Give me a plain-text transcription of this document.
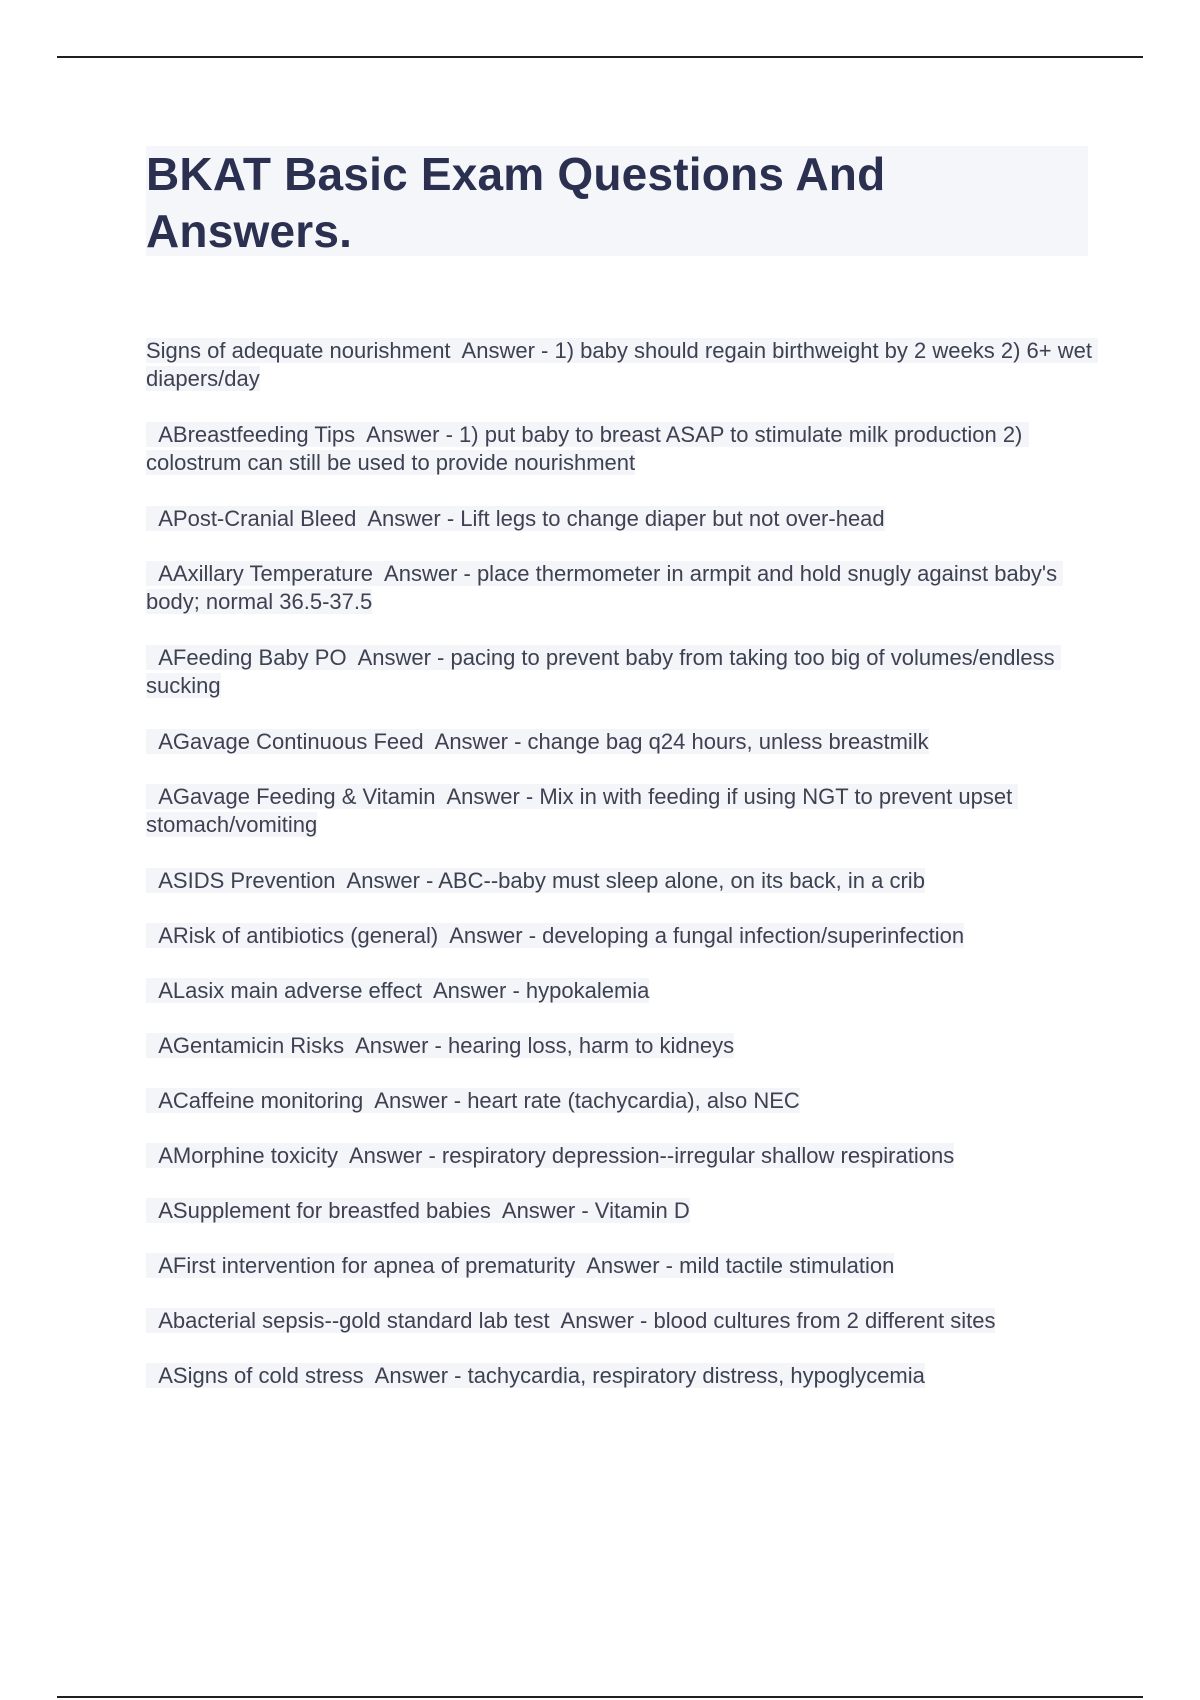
BKAT Basic Exam Questions And
Answers.

Signs of adequate nourishment  Answer - 1) baby should regain birthweight by 2 weeks 2) 6+ wet diapers/day

ABreastfeeding Tips  Answer - 1) put baby to breast ASAP to stimulate milk production 2) colostrum can still be used to provide nourishment

APost-Cranial Bleed  Answer - Lift legs to change diaper but not over-head

AAxillary Temperature  Answer - place thermometer in armpit and hold snugly against baby's body; normal 36.5-37.5

AFeeding Baby PO  Answer - pacing to prevent baby from taking too big of volumes/endless sucking

AGavage Continuous Feed  Answer - change bag q24 hours, unless breastmilk

AGavage Feeding & Vitamin  Answer - Mix in with feeding if using NGT to prevent upset stomach/vomiting

ASIDS Prevention  Answer - ABC--baby must sleep alone, on its back, in a crib

ARisk of antibiotics (general)  Answer - developing a fungal infection/superinfection

ALasix main adverse effect  Answer - hypokalemia

AGentamicin Risks  Answer - hearing loss, harm to kidneys

ACaffeine monitoring  Answer - heart rate (tachycardia), also NEC

AMorphine toxicity  Answer - respiratory depression--irregular shallow respirations

ASupplement for breastfed babies  Answer - Vitamin D

AFirst intervention for apnea of prematurity  Answer - mild tactile stimulation

Abacterial sepsis--gold standard lab test  Answer - blood cultures from 2 different sites

ASigns of cold stress  Answer - tachycardia, respiratory distress, hypoglycemia
